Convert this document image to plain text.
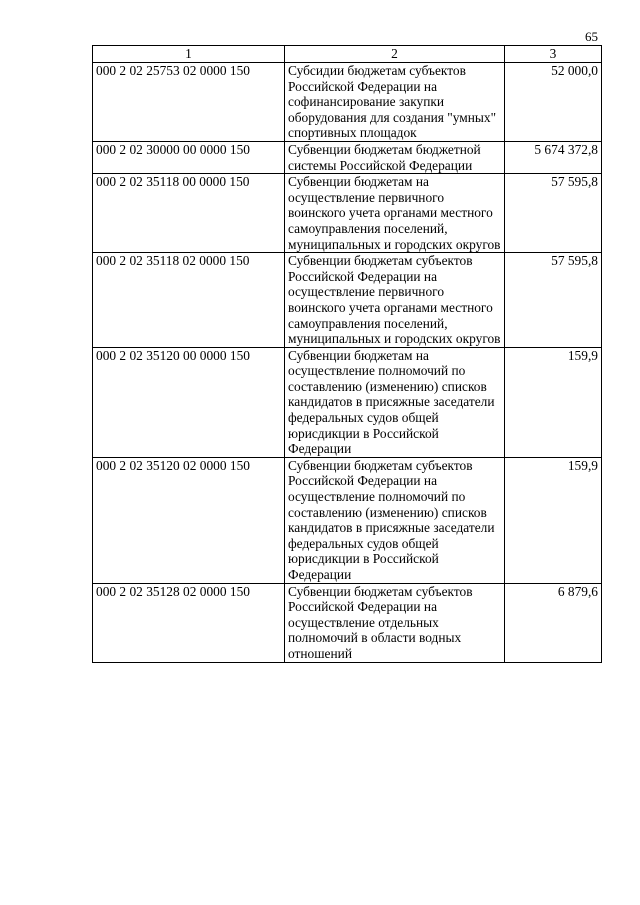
65
1	2	3
000 2 02 25753 02 0000 150	Субсидии бюджетам субъектов Российской Федерации на софинансирование закупки оборудования для создания "умных" спортивных площадок	52 000,0
000 2 02 30000 00 0000 150	Субвенции бюджетам бюджетной системы Российской Федерации	5 674 372,8
000 2 02 35118 00 0000 150	Субвенции бюджетам на осуществление первичного воинского учета органами местного самоуправления поселений, муниципальных и городских округов	57 595,8
000 2 02 35118 02 0000 150	Субвенции бюджетам субъектов Российской Федерации на осуществление первичного воинского учета органами местного самоуправления поселений, муниципальных и городских округов	57 595,8
000 2 02 35120 00 0000 150	Субвенции бюджетам на осуществление полномочий по составлению (изменению) списков кандидатов в присяжные заседатели федеральных судов общей юрисдикции в Российской Федерации	159,9
000 2 02 35120 02 0000 150	Субвенции бюджетам субъектов Российской Федерации на осуществление полномочий по составлению (изменению) списков кандидатов в присяжные заседатели федеральных судов общей юрисдикции в Российской Федерации	159,9
000 2 02 35128 02 0000 150	Субвенции бюджетам субъектов Российской Федерации на осуществление отдельных полномочий в области водных отношений	6 879,6
